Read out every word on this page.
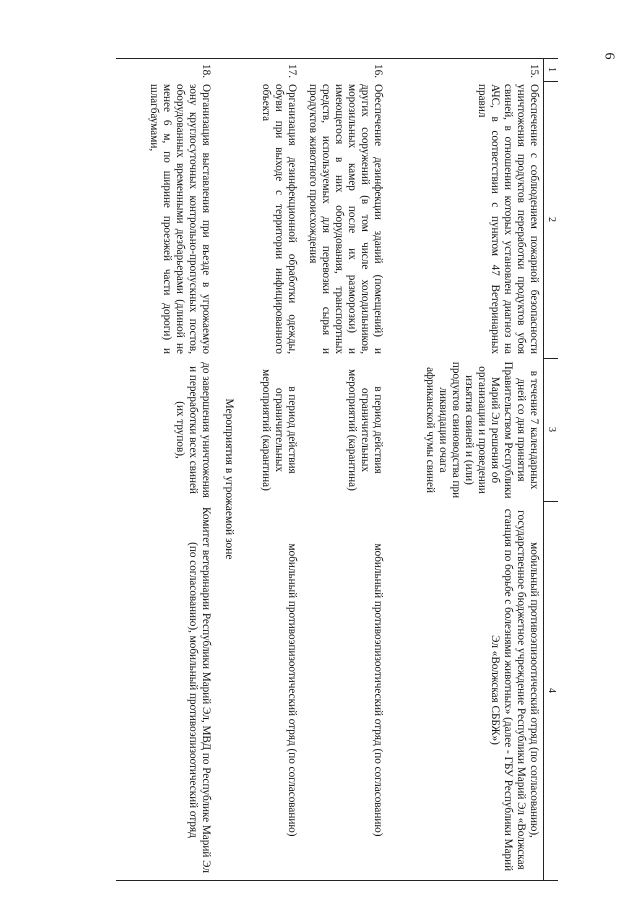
6
1
2
3
4
15.
Обеспечение с соблюдением пожарной безопасности уничтожения продуктов переработки продуктов убоя свиней, в отношении которых установлен диагноз на АЧС, в соответствии с пунктом 47 Ветеринарных правил
в течение 7 календарных дней со дня принятия Правительством Республики Марий Эл решения об организации и проведении изъятия свиней и (или) продуктов свиноводства при ликвидации очага африканской чумы свиней
мобильный противоэпизоотический отряд (по согласованию), государственное бюджетное учреждение Республики Марий Эл «Волжская станция по борьбе с болезнями животных» (далее - ГБУ Республики Марий Эл «Волжская СББЖ»)
16.
Обеспечение дезинфекции зданий (помещений) и других сооружений (в том числе холодильников, морозильных камер после их разморозки) и имеющегося в них оборудования, транспортных средств, используемых для перевозки сырья и продуктов животного происхождения
в период действия ограничительных мероприятий (карантина)
мобильный противоэпизоотический отряд (по согласованию)
17.
Организация дезинфекционной обработки одежды, обуви при выходе с территории инфицированного объекта
в период действия ограничительных мероприятий (карантина)
мобильный противоэпизоотический отряд (по согласованию)
Мероприятия в угрожаемой зоне
18.
Организация выставления при въезде в угрожаемую зону круглосуточных контрольно-пропускных постов, оборудованных временными дезбарьерами (длиной не менее 6 м, по ширине проезжей части дороги) и шлагбаумами,
до завершения уничтожения и переработки всех свиней (их трупов),
Комитет ветеринарии Республики Марий Эл, МВД по Республике Марий Эл (по согласованию), мобильный противоэпизоотический отряд
